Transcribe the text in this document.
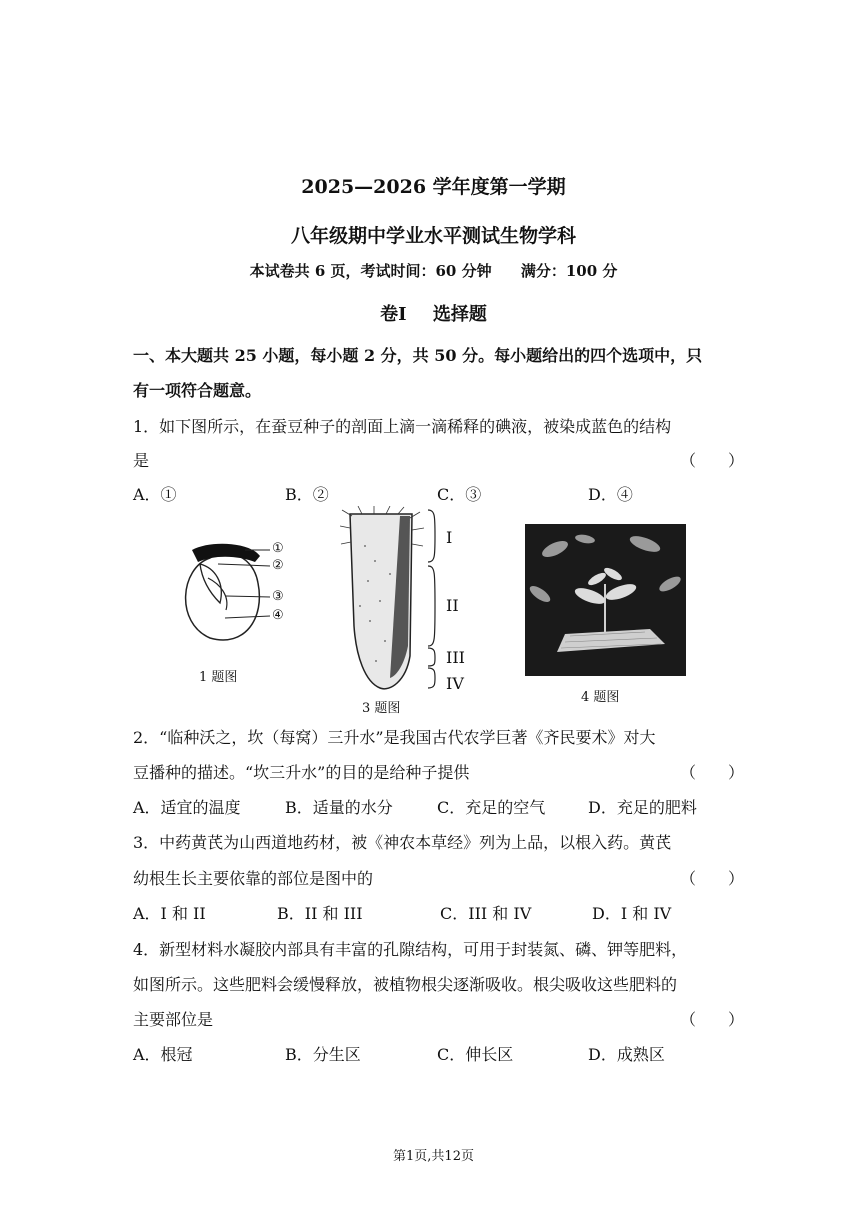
2025—2026 学年度第一学期
八年级期中学业水平测试生物学科
本试卷共 6 页，考试时间：60 分钟 满分：100 分
卷Ⅰ 选择题
一、本大题共 25 小题，每小题 2 分，共 50 分。每小题给出的四个选项中，只
有一项符合题意。
1．如下图所示，在蚕豆种子的剖面上滴一滴稀释的碘液，被染成蓝色的结构
是	（　　）
A．①	B．②	C．③	D．④
①
②
③
④
1 题图
I
II
III
IV
3 题图
4 题图
2．“临种沃之，坎（每窝）三升水”是我国古代农学巨著《齐民要术》对大
豆播种的描述。“坎三升水”的目的是给种子提供	（　　）
A．适宜的温度	B．适量的水分	C．充足的空气	D．充足的肥料
3．中药黄芪为山西道地药材，被《神农本草经》列为上品，以根入药。黄芪
幼根生长主要依靠的部位是图中的	（　　）
A．I 和 II	B．II 和 III	C．III 和 IV	D．I 和 IV
4．新型材料水凝胶内部具有丰富的孔隙结构，可用于封装氮、磷、钾等肥料，
如图所示。这些肥料会缓慢释放，被植物根尖逐渐吸收。根尖吸收这些肥料的
主要部位是	（　　）
A．根冠	B．分生区	C．伸长区	D．成熟区
第1页,共12页
